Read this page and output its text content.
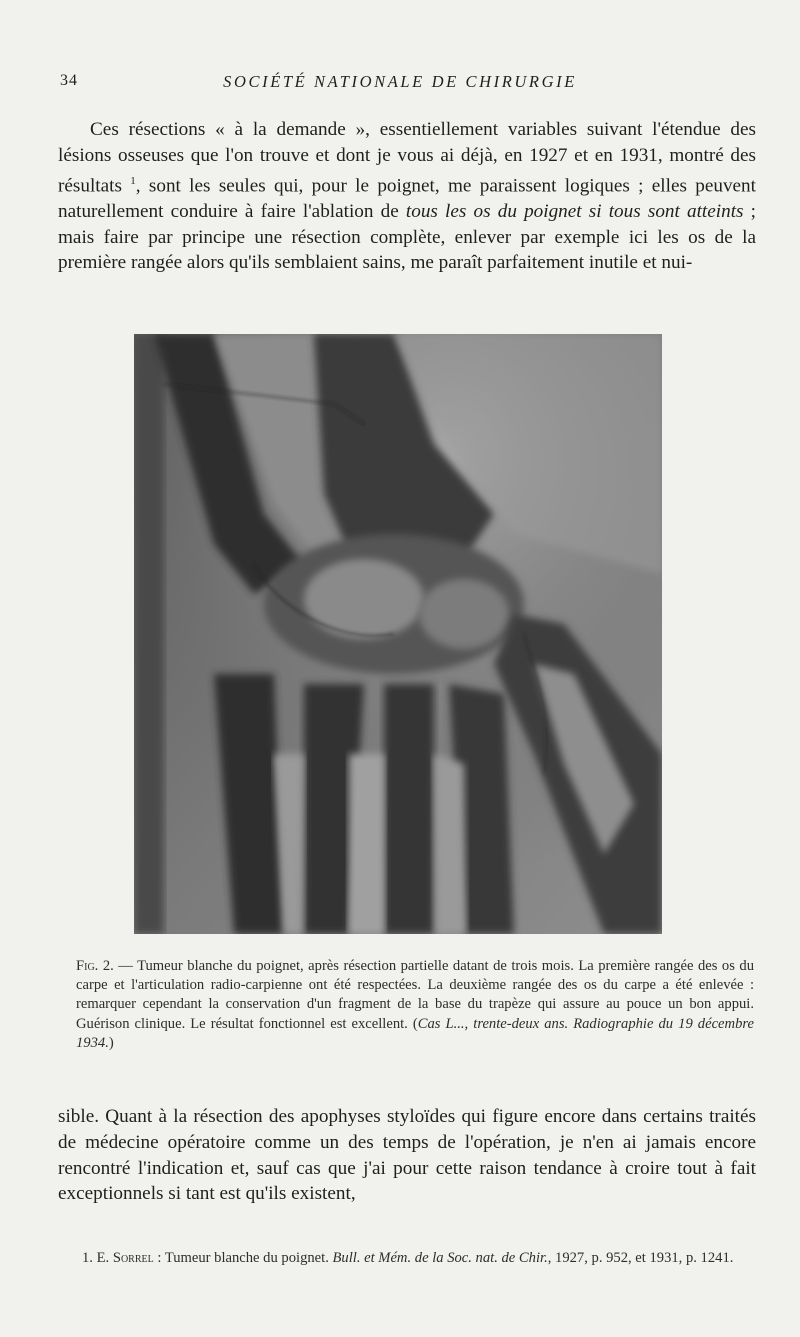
34	SOCIÉTÉ NATIONALE DE CHIRURGIE

Ces résections « à la demande », essentiellement variables suivant l'étendue des lésions osseuses que l'on trouve et dont je vous ai déjà, en 1927 et en 1931, montré des résultats $^1$, sont les seules qui, pour le poignet, me paraissent logiques ; elles peuvent naturellement conduire à faire l'ablation de tous les os du poignet si tous sont atteints ; mais faire par principe une résection complète, enlever par exemple ici les os de la première rangée alors qu'ils semblaient sains, me paraît parfaitement inutile et nui-

Fig. 2. — Tumeur blanche du poignet, après résection partielle datant de trois mois. La première rangée des os du carpe et l'articulation radio-carpienne ont été respectées. La deuxième rangée des os du carpe a été enlevée : remarquer cependant la conservation d'un fragment de la base du trapèze qui assure au pouce un bon appui. Guérison clinique. Le résultat fonctionnel est excellent. (Cas L..., trente-deux ans. Radiographie du 19 décembre 1934.)

sible. Quant à la résection des apophyses styloïdes qui figure encore dans certains traités de médecine opératoire comme un des temps de l'opération, je n'en ai jamais encore rencontré l'indication et, sauf cas que j'ai pour cette raison tendance à croire tout à fait exceptionnels si tant est qu'ils existent,

1. E. Sorrel : Tumeur blanche du poignet. Bull. et Mém. de la Soc. nat. de Chir., 1927, p. 952, et 1931, p. 1241.
